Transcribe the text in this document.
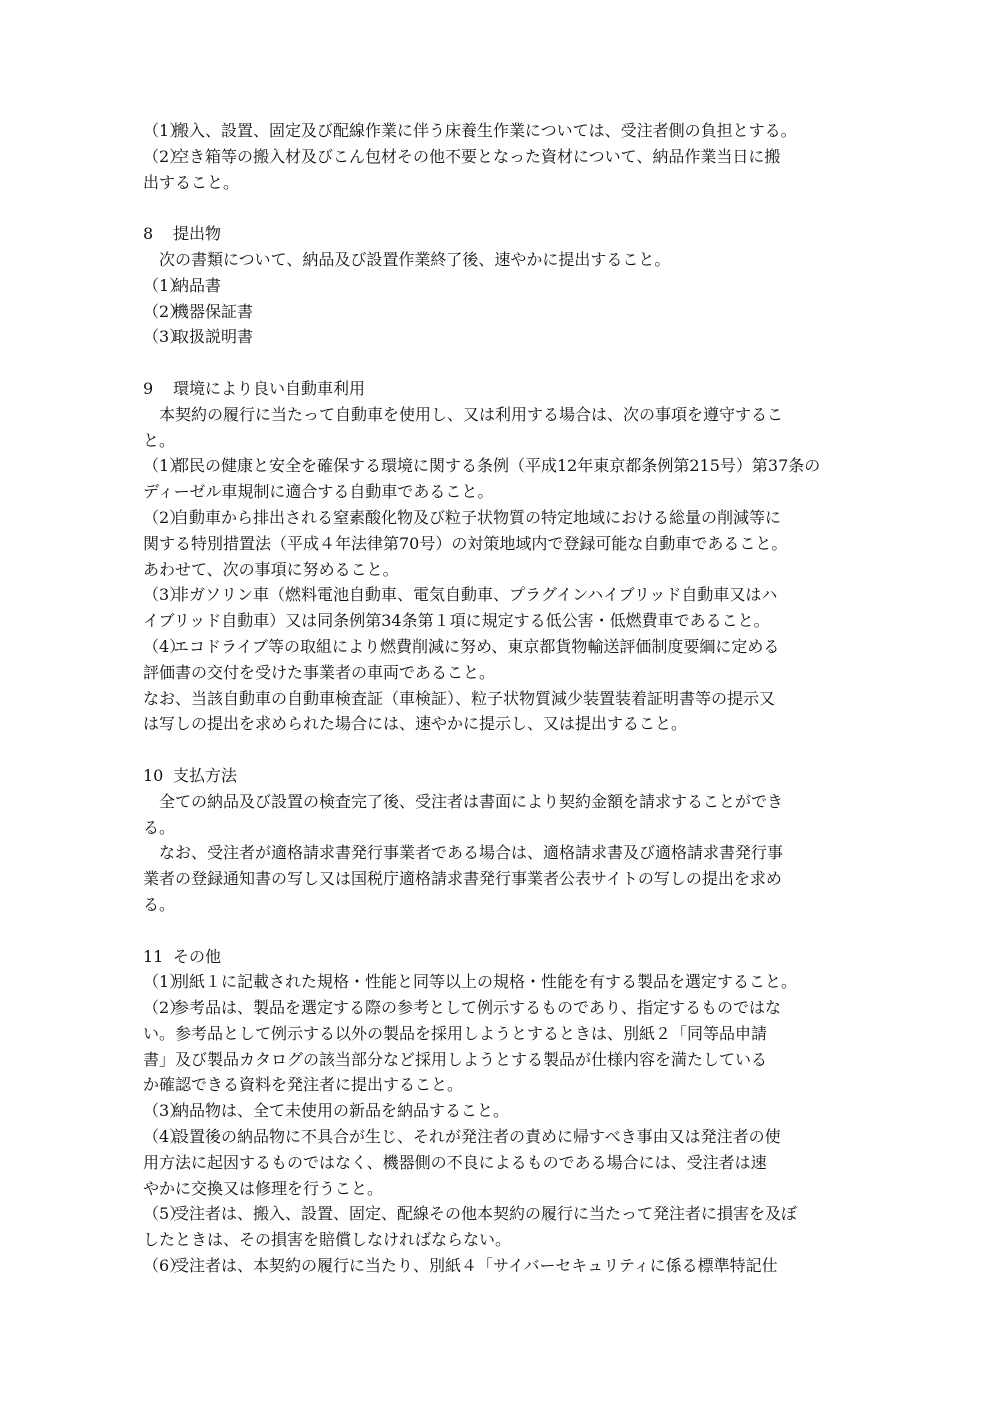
（1）搬入、設置、固定及び配線作業に伴う床養生作業については、受注者側の負担とする。
（2）空き箱等の搬入材及びこん包材その他不要となった資材について、納品作業当日に搬
出すること。
8 提出物
次の書類について、納品及び設置作業終了後、速やかに提出すること。
（1）納品書
（2）機器保証書
（3）取扱説明書
9 環境により良い自動車利用
本契約の履行に当たって自動車を使用し、又は利用する場合は、次の事項を遵守するこ
と。
（1）都民の健康と安全を確保する環境に関する条例（平成12年東京都条例第215号）第37条の
ディーゼル車規制に適合する自動車であること。
（2）自動車から排出される窒素酸化物及び粒子状物質の特定地域における総量の削減等に
関する特別措置法（平成４年法律第70号）の対策地域内で登録可能な自動車であること。
あわせて、次の事項に努めること。
（3）非ガソリン車（燃料電池自動車、電気自動車、プラグインハイブリッド自動車又はハ
イブリッド自動車）又は同条例第34条第１項に規定する低公害・低燃費車であること。
（4）エコドライブ等の取組により燃費削減に努め、東京都貨物輸送評価制度要綱に定める
評価書の交付を受けた事業者の車両であること。
なお、当該自動車の自動車検査証（車検証）、粒子状物質減少装置装着証明書等の提示又
は写しの提出を求められた場合には、速やかに提示し、又は提出すること。
10 支払方法
全ての納品及び設置の検査完了後、受注者は書面により契約金額を請求することができ
る。
なお、受注者が適格請求書発行事業者である場合は、適格請求書及び適格請求書発行事
業者の登録通知書の写し又は国税庁適格請求書発行事業者公表サイトの写しの提出を求め
る。
11 その他
（1）別紙１に記載された規格・性能と同等以上の規格・性能を有する製品を選定すること。
（2）参考品は、製品を選定する際の参考として例示するものであり、指定するものではな
い。参考品として例示する以外の製品を採用しようとするときは、別紙２「同等品申請
書」及び製品カタログの該当部分など採用しようとする製品が仕様内容を満たしている
か確認できる資料を発注者に提出すること。
（3）納品物は、全て未使用の新品を納品すること。
（4）設置後の納品物に不具合が生じ、それが発注者の責めに帰すべき事由又は発注者の使
用方法に起因するものではなく、機器側の不良によるものである場合には、受注者は速
やかに交換又は修理を行うこと。
（5）受注者は、搬入、設置、固定、配線その他本契約の履行に当たって発注者に損害を及ぼ
したときは、その損害を賠償しなければならない。
（6）受注者は、本契約の履行に当たり、別紙４「サイバーセキュリティに係る標準特記仕
